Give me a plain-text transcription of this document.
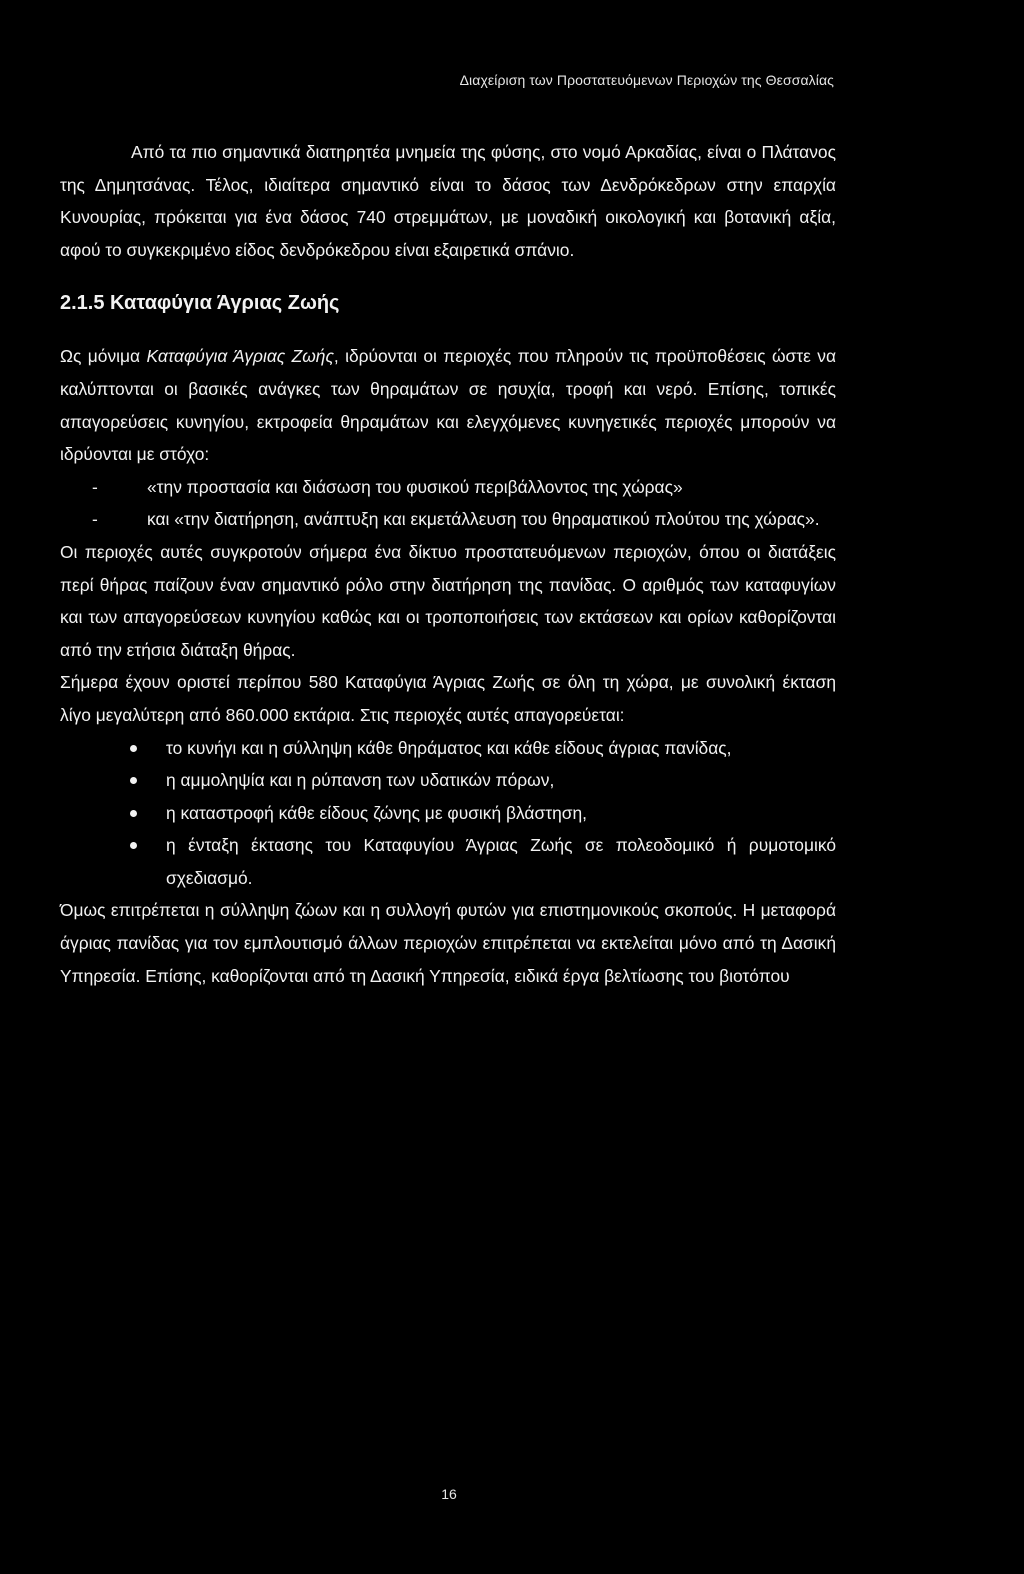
Διαχείριση των Προστατευόμενων Περιοχών της Θεσσαλίας

Από τα πιο σημαντικά διατηρητέα μνημεία της φύσης, στο νομό Αρκαδίας, είναι ο Πλάτανος της Δημητσάνας. Τέλος, ιδιαίτερα σημαντικό είναι το δάσος των Δενδρόκεδρων στην επαρχία Κυνουρίας, πρόκειται για ένα δάσος 740 στρεμμάτων, με μοναδική οικολογική και βοτανική αξία, αφού το συγκεκριμένο είδος δενδρόκεδρου είναι εξαιρετικά σπάνιο.

2.1.5 Καταφύγια Άγριας Ζωής

Ως μόνιμα Καταφύγια Άγριας Ζωής, ιδρύονται οι περιοχές που πληρούν τις προϋποθέσεις ώστε να καλύπτονται οι βασικές ανάγκες των θηραμάτων σε ησυχία, τροφή και νερό. Επίσης, τοπικές απαγορεύσεις κυνηγίου, εκτροφεία θηραμάτων και ελεγχόμενες κυνηγετικές περιοχές μπορούν να ιδρύονται με στόχο:

-	«την προστασία και διάσωση του φυσικού περιβάλλοντος της χώρας»
-	και «την διατήρηση, ανάπτυξη και εκμετάλλευση του θηραματικού πλούτου της χώρας».

Οι περιοχές αυτές συγκροτούν σήμερα ένα δίκτυο προστατευόμενων περιοχών, όπου οι διατάξεις περί θήρας παίζουν έναν σημαντικό ρόλο στην διατήρηση της πανίδας. Ο αριθμός των καταφυγίων και των απαγορεύσεων κυνηγίου καθώς και οι τροποποιήσεις των εκτάσεων και ορίων καθορίζονται από την ετήσια διάταξη θήρας.

Σήμερα έχουν οριστεί περίπου 580 Καταφύγια Άγριας Ζωής σε όλη τη χώρα, με συνολική έκταση λίγο μεγαλύτερη από 860.000 εκτάρια. Στις περιοχές αυτές απαγορεύεται:

το κυνήγι και η σύλληψη κάθε θηράματος και κάθε είδους άγριας πανίδας,
η αμμοληψία και η ρύπανση των υδατικών πόρων,
η καταστροφή κάθε είδους ζώνης με φυσική βλάστηση,
η ένταξη έκτασης του Καταφυγίου Άγριας Ζωής σε πολεοδομικό ή ρυμοτομικό σχεδιασμό.

Όμως επιτρέπεται η σύλληψη ζώων και η συλλογή φυτών για επιστημονικούς σκοπούς. Η μεταφορά άγριας πανίδας για τον εμπλουτισμό άλλων περιοχών επιτρέπεται να εκτελείται μόνο από τη Δασική Υπηρεσία. Επίσης, καθορίζονται από τη Δασική Υπηρεσία, ειδικά έργα βελτίωσης του βιοτόπου

16
